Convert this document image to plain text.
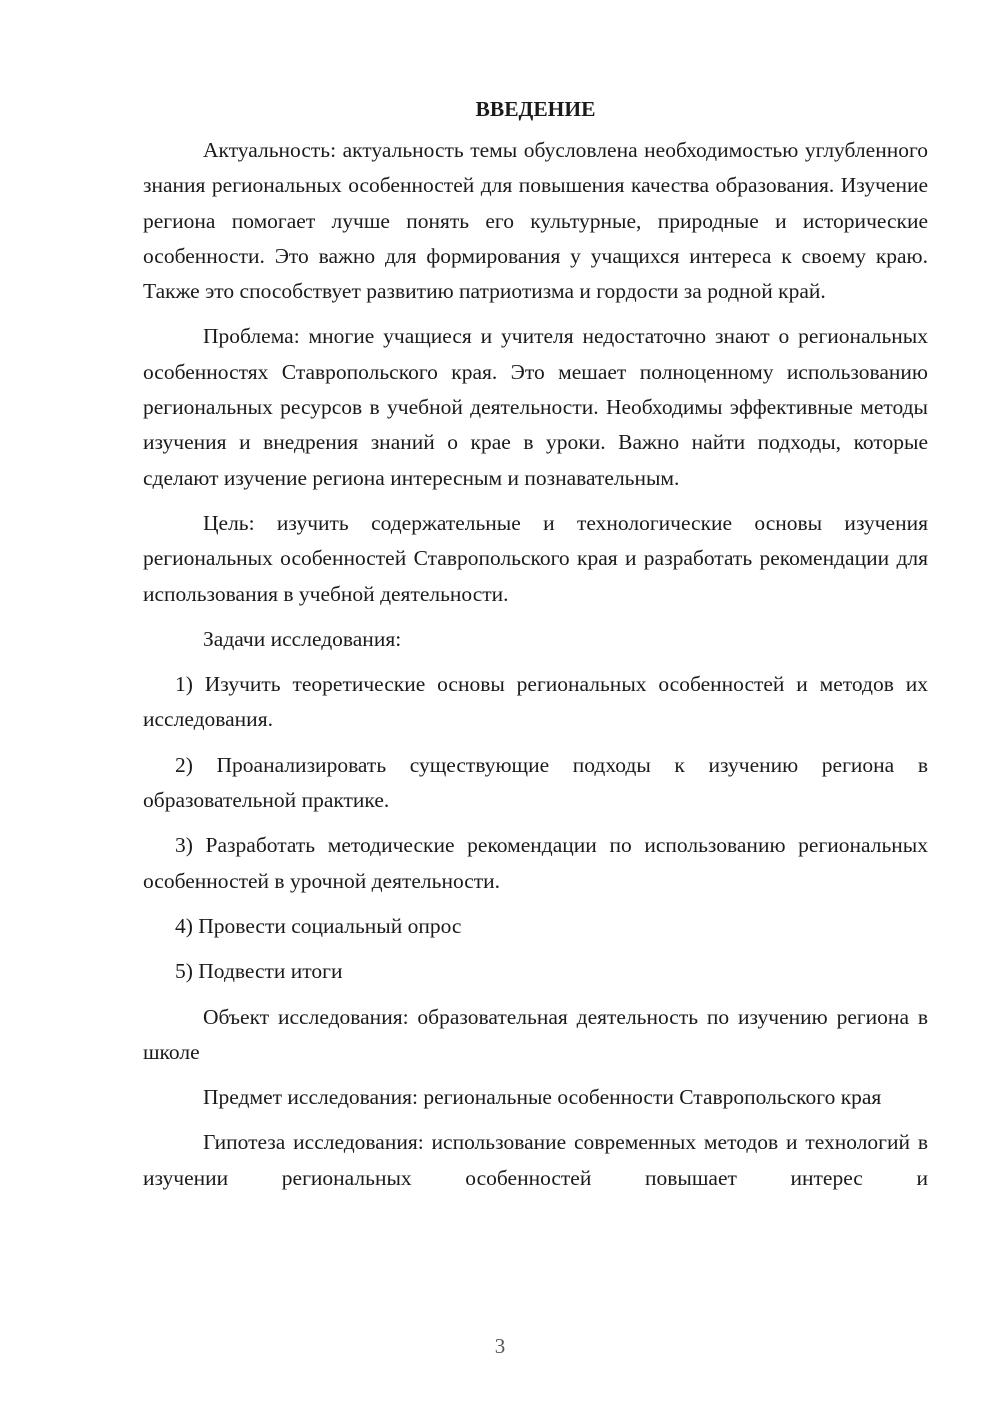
ВВЕДЕНИЕ

Актуальность: актуальность темы обусловлена необходимостью углубленного знания региональных особенностей для повышения качества образования. Изучение региона помогает лучше понять его культурные, природные и исторические особенности. Это важно для формирования у учащихся интереса к своему краю. Также это способствует развитию патриотизма и гордости за родной край.

Проблема: многие учащиеся и учителя недостаточно знают о региональных особенностях Ставропольского края. Это мешает полноценному использованию региональных ресурсов в учебной деятельности. Необходимы эффективные методы изучения и внедрения знаний о крае в уроки. Важно найти подходы, которые сделают изучение региона интересным и познавательным.

Цель: изучить содержательные и технологические основы изучения региональных особенностей Ставропольского края и разработать рекомендации для использования в учебной деятельности.

Задачи исследования:

1) Изучить теоретические основы региональных особенностей и методов их исследования.

2) Проанализировать существующие подходы к изучению региона в образовательной практике.

3) Разработать методические рекомендации по использованию региональных особенностей в урочной деятельности.

4) Провести социальный опрос

5) Подвести итоги

Объект исследования: образовательная деятельность по изучению региона в школе

Предмет исследования: региональные особенности Ставропольского края

Гипотеза исследования: использование современных методов и технологий в изучении региональных особенностей повышает интерес и

3
